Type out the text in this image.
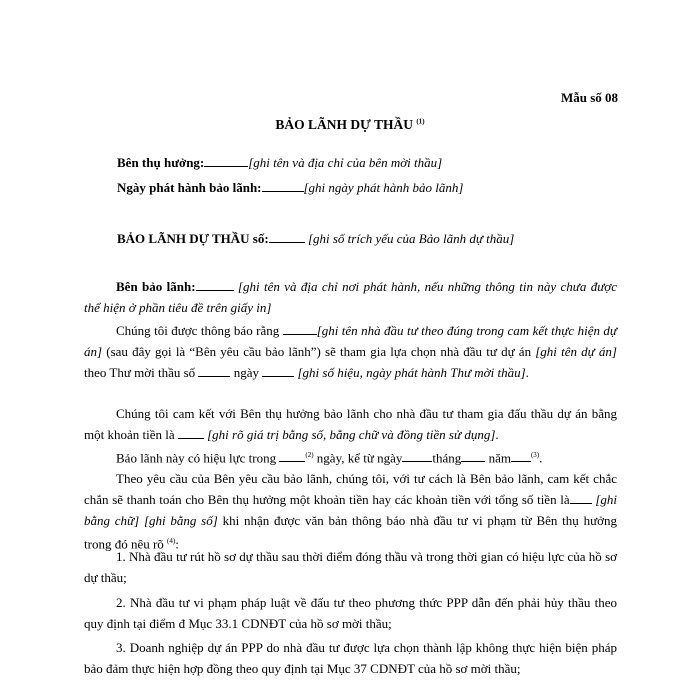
Mẫu số 08
BẢO LÃNH DỰ THẦU $^{(1)}$
Bên thụ hưởng:	[ghi tên và địa chỉ của bên mời thầu]
Ngày phát hành bảo lãnh:	[ghi ngày phát hành bảo lãnh]
BẢO LÃNH DỰ THẦU số:	[ghi số trích yếu của Bảo lãnh dự thầu]
Bên bảo lãnh:	[ghi tên và địa chỉ nơi phát hành, nếu những thông tin này chưa được thể hiện ở phần tiêu đề trên giấy in]
Chúng tôi được thông báo rằng	[ghi tên nhà đầu tư theo đúng trong cam kết thực hiện dự án] (sau đây gọi là “Bên yêu cầu bảo lãnh”) sẽ tham gia lựa chọn nhà đầu tư dự án [ghi tên dự án] theo Thư mời thầu số  ngày	[ghi số hiệu, ngày phát hành Thư mời thầu].
Chúng tôi cam kết với Bên thụ hưởng bảo lãnh cho nhà đầu tư tham gia đấu thầu dự án bằng một khoản tiền là  [ghi rõ giá trị bằng số, bằng chữ và đồng tiền sử dụng].
Bảo lãnh này có hiệu lực trong	$^{(2)}$ ngày, kể từ ngày tháng năm	$^{(3)}$.
Theo yêu cầu của Bên yêu cầu bảo lãnh, chúng tôi, với tư cách là Bên bảo lãnh, cam kết chắc chắn sẽ thanh toán cho Bên thụ hưởng một khoản tiền hay các khoản tiền với tổng số tiền là [ghi bằng chữ] [ghi bằng số] khi nhận được văn bản thông báo nhà đầu tư vi phạm từ Bên thụ hưởng trong đó nêu rõ $^{(4)}$:
1. Nhà đầu tư rút hồ sơ dự thầu sau thời điểm đóng thầu và trong thời gian có hiệu lực của hồ sơ dự thầu;
2. Nhà đầu tư vi phạm pháp luật về đấu tư theo phương thức PPP dẫn đến phải hủy thầu theo quy định tại điểm đ Mục 33.1 CDNĐT của hồ sơ mời thầu;
3. Doanh nghiệp dự án PPP do nhà đầu tư được lựa chọn thành lập không thực hiện biện pháp bảo đảm thực hiện hợp đồng theo quy định tại Mục 37 CDNĐT của hồ sơ mời thầu;
